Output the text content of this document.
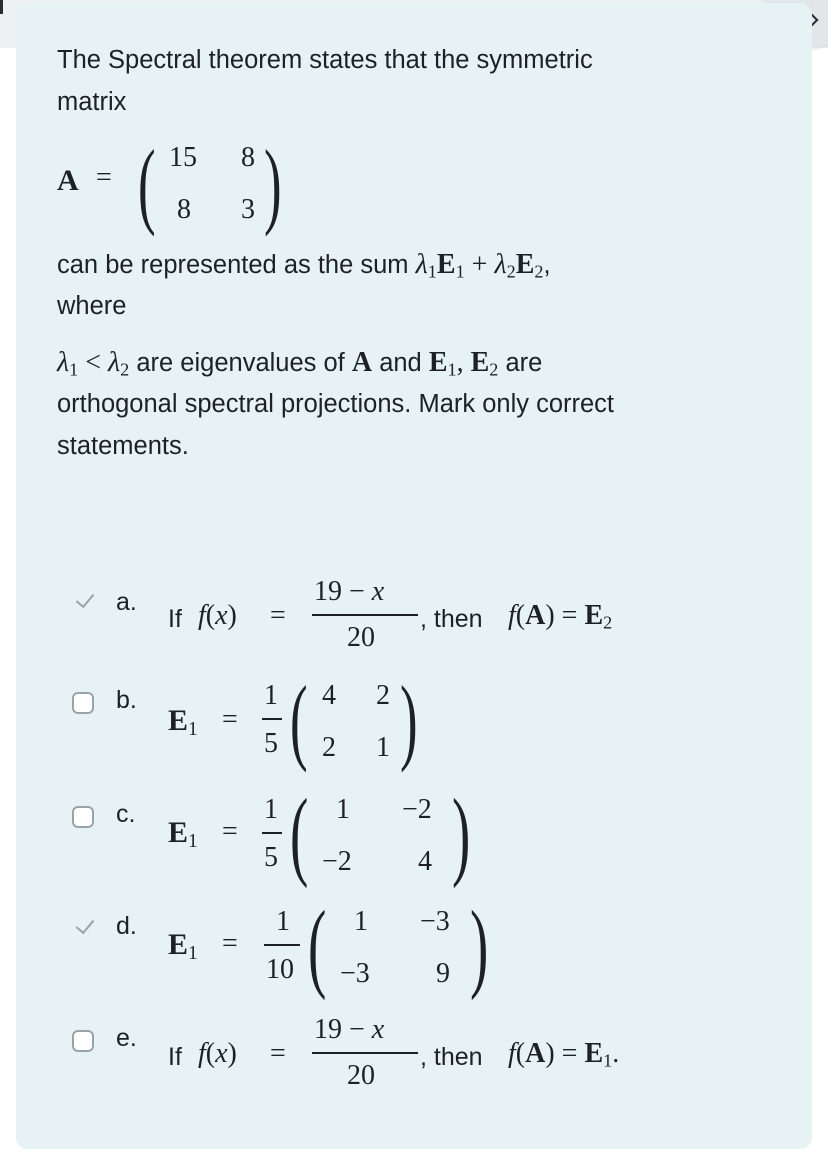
The Spectral theorem states that the symmetric
matrix
A = ( 15 8
8 3 )
can be represented as the sum $\lambda_1E_1 + \lambda_2E_2$,
where
$\lambda_1 < \lambda_2$ are eigenvalues of A and $E_1$, $E_2$ are
orthogonal spectral projections. Mark only correct
statements.
a.
If f(x) =
19 − x
20
, then $f(A) = E_2$
b.
$E_1$ =
1
5 ( 4 2
2 1 )
c.
$E_1$ =
1
5 ( 1 −2
−2 4 )
d.
$E_1$ =
1
10 ( 1 −3
−3 9 )
e.
If f(x) =
19 − x
20
, then $f(A) = E_1$.
